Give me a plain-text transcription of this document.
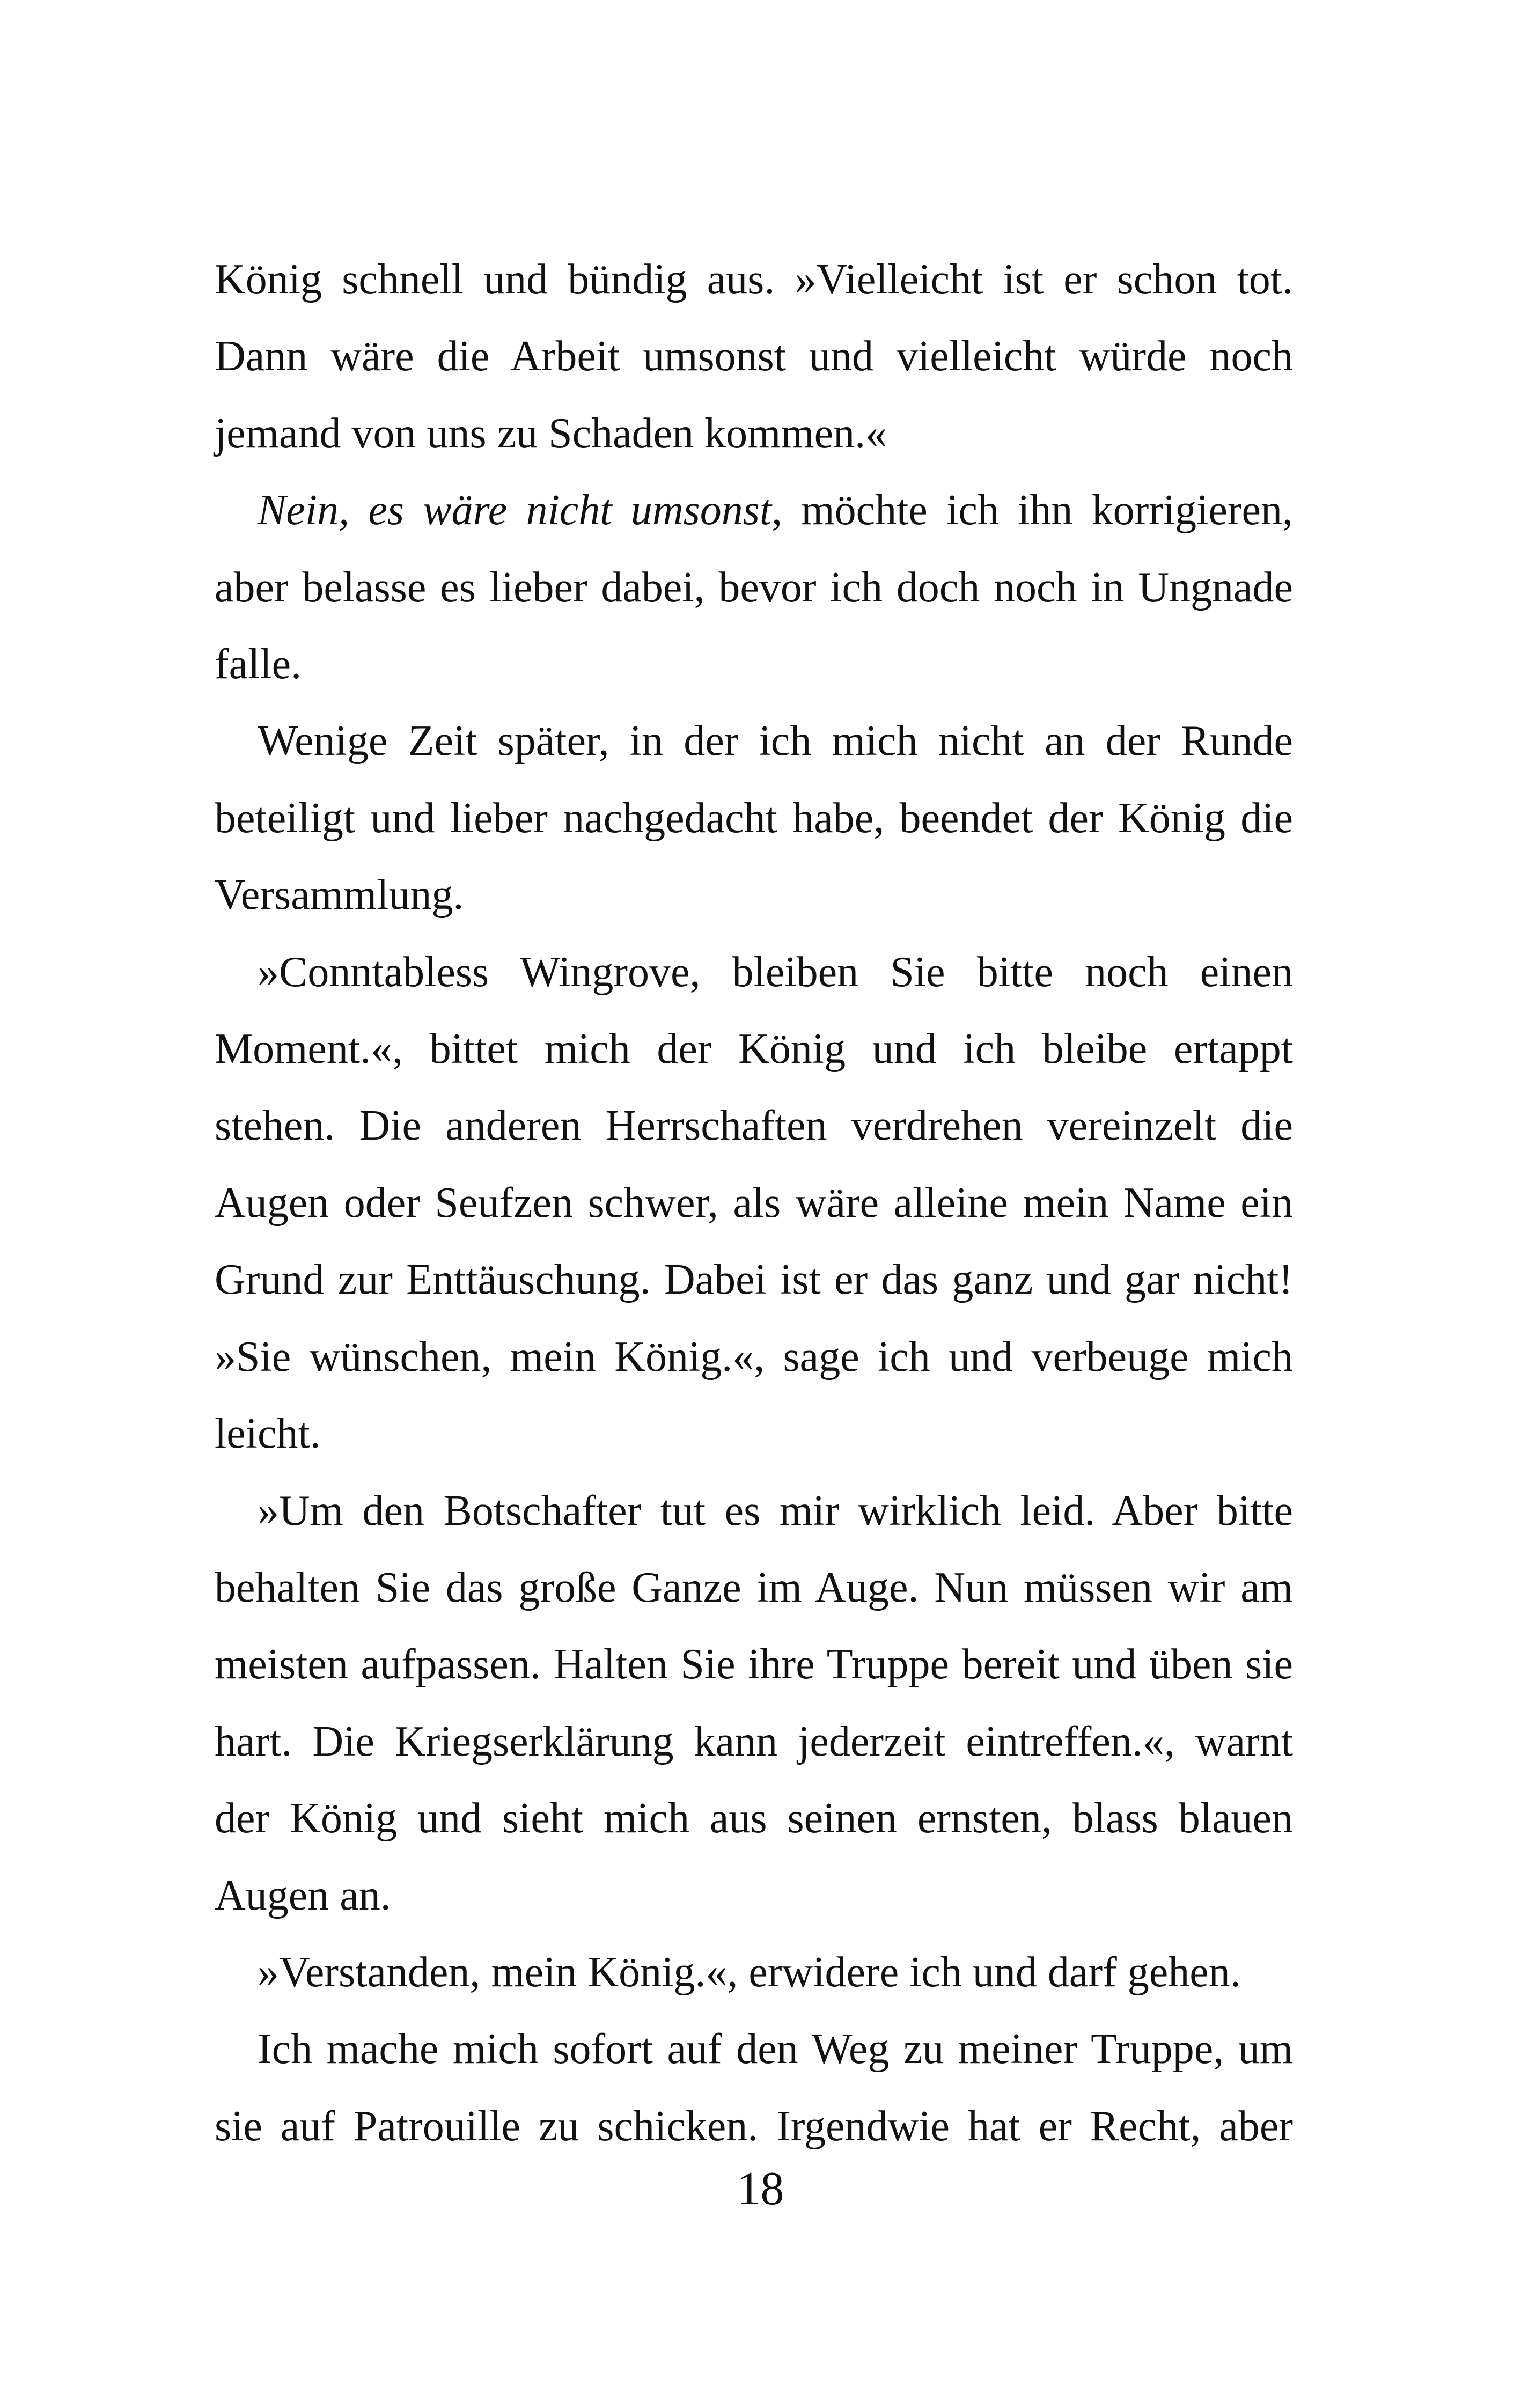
König schnell und bündig aus. »Vielleicht ist er schon tot. Dann wäre die Arbeit umsonst und vielleicht würde noch jemand von uns zu Schaden kommen.«

Nein, es wäre nicht umsonst, möchte ich ihn korrigieren, aber belasse es lieber dabei, bevor ich doch noch in Ungnade falle.

Wenige Zeit später, in der ich mich nicht an der Runde beteiligt und lieber nachgedacht habe, beendet der König die Versammlung.

»Conntabless Wingrove, bleiben Sie bitte noch einen Moment.«, bittet mich der König und ich bleibe ertappt stehen. Die anderen Herrschaften verdrehen vereinzelt die Augen oder Seufzen schwer, als wäre alleine mein Name ein Grund zur Enttäuschung. Dabei ist er das ganz und gar nicht! »Sie wünschen, mein König.«, sage ich und verbeuge mich leicht.

»Um den Botschafter tut es mir wirklich leid. Aber bitte behalten Sie das große Ganze im Auge. Nun müssen wir am meisten aufpassen. Halten Sie ihre Truppe bereit und üben sie hart. Die Kriegserklärung kann jederzeit eintreffen.«, warnt der König und sieht mich aus seinen ernsten, blass blauen Augen an.

»Verstanden, mein König.«, erwidere ich und darf gehen.

Ich mache mich sofort auf den Weg zu meiner Truppe, um sie auf Patrouille zu schicken. Irgendwie hat er Recht, aber

18
